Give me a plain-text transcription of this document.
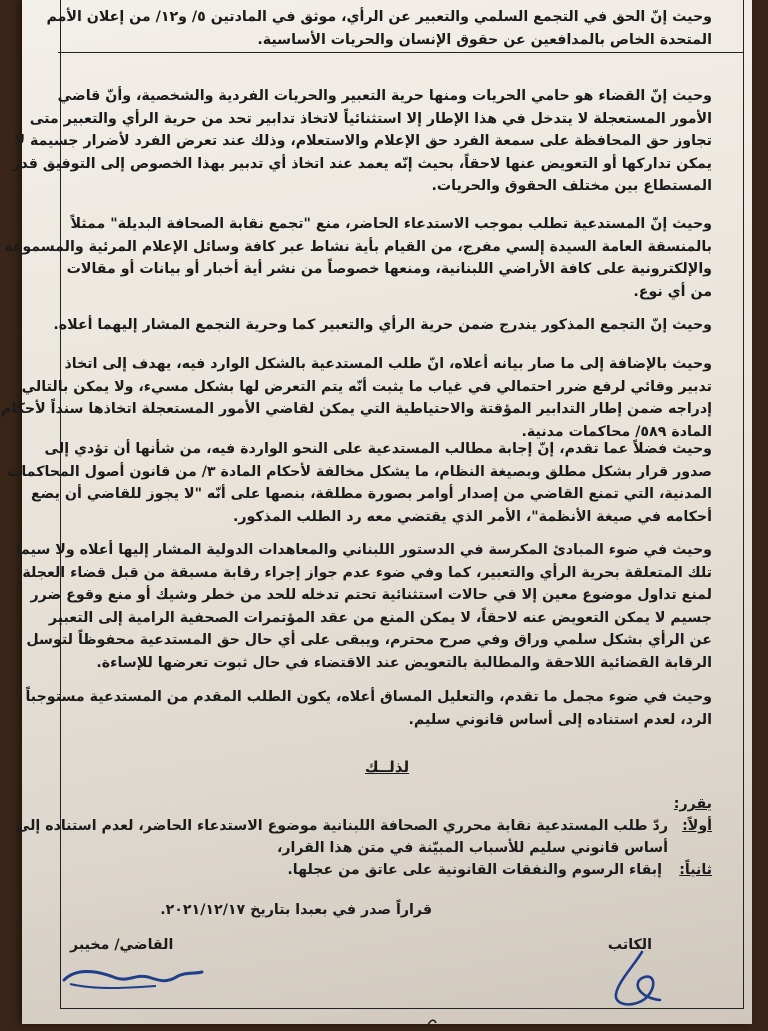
وحيث إنّ الحق في التجمع السلمي والتعبير عن الرأي، موثق في المادتين ٥/ و١٢/ من إعلان الأمم
المتحدة الخاص بالمدافعين عن حقوق الإنسان والحريات الأساسية.
وحيث إنّ القضاء هو حامي الحريات ومنها حرية التعبير والحريات الفردية والشخصية، وأنّ قاضي
الأمور المستعجلة لا يتدخل في هذا الإطار إلا استثنائياً لاتخاذ تدابير تحد من حرية الرأي والتعبير متى
تجاوز حق المحافظة على سمعة الفرد حق الإعلام والاستعلام، وذلك عند تعرض الفرد لأضرار جسيمة لا
يمكن تداركها أو التعويض عنها لاحقاً، بحيث إنّه يعمد عند اتخاذ أي تدبير بهذا الخصوص إلى التوفيق قدر
المستطاع بين مختلف الحقوق والحريات.
وحيث إنّ المستدعية تطلب بموجب الاستدعاء الحاضر، منع "تجمع نقابة الصحافة البديلة" ممثلاً
بالمنسقة العامة السيدة إلسي مفرج، من القيام بأية نشاط عبر كافة وسائل الإعلام المرئية والمسموعة
والإلكترونية على كافة الأراضي اللبنانية، ومنعها خصوصاً من نشر أية أخبار أو بيانات أو مقالات
من أي نوع.
وحيث إنّ التجمع المذكور يندرج ضمن حرية الرأي والتعبير كما وحرية التجمع المشار إليهما أعلاه.
وحيث بالإضافة إلى ما صار بيانه أعلاه، انّ طلب المستدعية بالشكل الوارد فيه، يهدف إلى اتخاذ
تدبير وقائي لرفع ضرر احتمالي في غياب ما يثبت أنّه يتم التعرض لها بشكل مسيء، ولا يمكن بالتالي
إدراجه ضمن إطار التدابير المؤقتة والاحتياطية التي يمكن لقاضي الأمور المستعجلة اتخاذها سنداً لأحكام
المادة ٥٨٩/ محاكمات مدنية.
وحيث فضلاً عما تقدم، إنّ إجابة مطالب المستدعية على النحو الواردة فيه، من شأنها أن تؤدي إلى
صدور قرار بشكل مطلق وبصيغة النظام، ما يشكل مخالفة لأحكام المادة ٣/ من قانون أصول المحاكمات
المدنية، التي تمنع القاضي من إصدار أوامر بصورة مطلقة، بنصها على أنّه "لا يجوز للقاضي أن يضع
أحكامه في صيغة الأنظمة"، الأمر الذي يقتضي معه رد الطلب المذكور.
وحيث في ضوء المبادئ المكرسة في الدستور اللبناني والمعاهدات الدولية المشار إليها أعلاه ولا سيما
تلك المتعلقة بحرية الرأي والتعبير، كما وفي ضوء عدم جواز إجراء رقابة مسبقة من قبل قضاء العجلة
لمنع تداول موضوع معين إلا في حالات استثنائية تحتم تدخله للحد من خطر وشيك أو منع وقوع ضرر
جسيم لا يمكن التعويض عنه لاحقاً، لا يمكن المنع من عقد المؤتمرات الصحفية الرامية إلى التعبير
عن الرأي بشكل سلمي وراق وفي صرح محترم، ويبقى على أي حال حق المستدعية محفوظاً لتوسل
الرقابة القضائية اللاحقة والمطالبة بالتعويض عند الاقتضاء في حال ثبوت تعرضها للإساءة.
وحيث في ضوء مجمل ما تقدم، والتعليل المساق أعلاه، يكون الطلب المقدم من المستدعية مستوجباً
الرد، لعدم استناده إلى أساس قانوني سليم.
لذلــك
يقرر:
أولاً:
ردّ طلب المستدعية نقابة محرري الصحافة اللبنانية موضوع الاستدعاء الحاضر، لعدم استناده إلى
أساس قانوني سليم للأسباب المبيّنة في متن هذا القرار،
ثانياً:
إبقاء الرسوم والنفقات القانونية على عاتق من عجلها.
قراراً صدر في بعبدا بتاريخ ٢٠٢١/١٢/١٧.
الكاتب
القاضي/ مخيبر
